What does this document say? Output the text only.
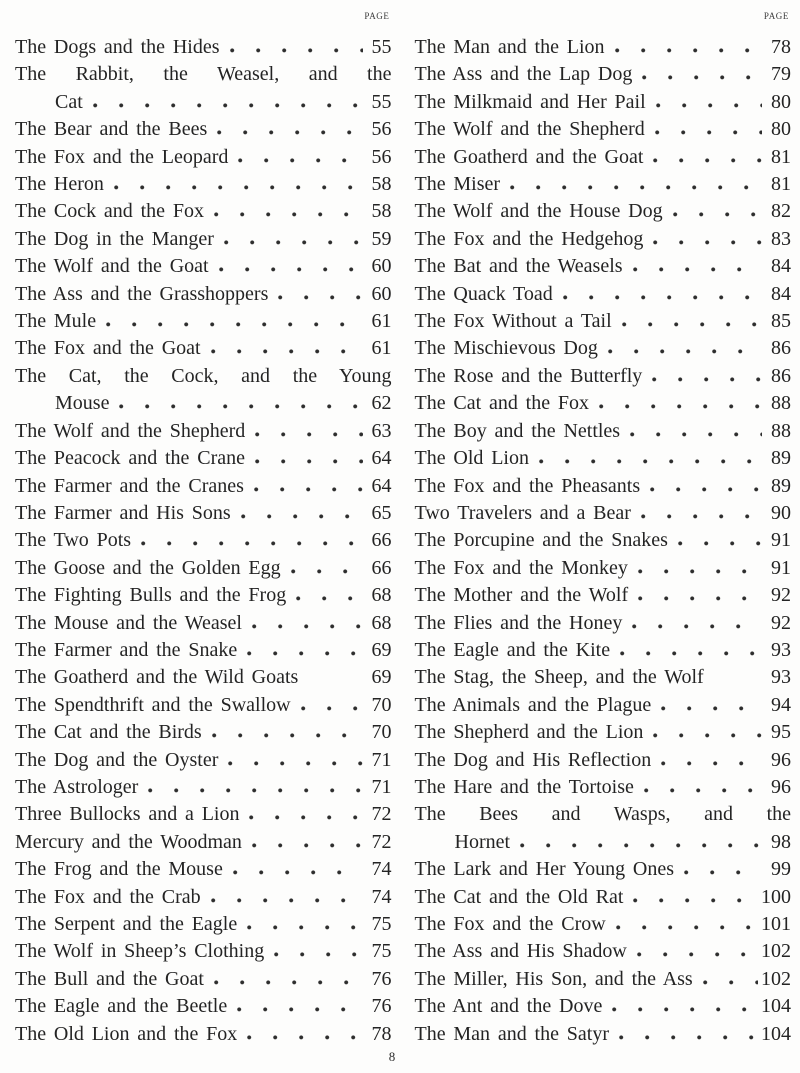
PAGE
The Dogs and the Hides	55
The Rabbit, the Weasel, and the
Cat	55
The Bear and the Bees	56
The Fox and the Leopard	56
The Heron	58
The Cock and the Fox	58
The Dog in the Manger	59
The Wolf and the Goat	60
The Ass and the Grasshoppers	60
The Mule	61
The Fox and the Goat	61
The Cat, the Cock, and the Young
Mouse	62
The Wolf and the Shepherd	63
The Peacock and the Crane	64
The Farmer and the Cranes	64
The Farmer and His Sons	65
The Two Pots	66
The Goose and the Golden Egg	66
The Fighting Bulls and the Frog	68
The Mouse and the Weasel	68
The Farmer and the Snake	69
The Goatherd and the Wild Goats	69
The Spendthrift and the Swallow	70
The Cat and the Birds	70
The Dog and the Oyster	71
The Astrologer	71
Three Bullocks and a Lion	72
Mercury and the Woodman	72
The Frog and the Mouse	74
The Fox and the Crab	74
The Serpent and the Eagle	75
The Wolf in Sheep’s Clothing	75
The Bull and the Goat	76
The Eagle and the Beetle	76
The Old Lion and the Fox	78
PAGE
The Man and the Lion	78
The Ass and the Lap Dog	79
The Milkmaid and Her Pail	80
The Wolf and the Shepherd	80
The Goatherd and the Goat	81
The Miser	81
The Wolf and the House Dog	82
The Fox and the Hedgehog	83
The Bat and the Weasels	84
The Quack Toad	84
The Fox Without a Tail	85
The Mischievous Dog	86
The Rose and the Butterfly	86
The Cat and the Fox	88
The Boy and the Nettles	88
The Old Lion	89
The Fox and the Pheasants	89
Two Travelers and a Bear	90
The Porcupine and the Snakes	91
The Fox and the Monkey	91
The Mother and the Wolf	92
The Flies and the Honey	92
The Eagle and the Kite	93
The Stag, the Sheep, and the Wolf	93
The Animals and the Plague	94
The Shepherd and the Lion	95
The Dog and His Reflection	96
The Hare and the Tortoise	96
The Bees and Wasps, and the
Hornet	98
The Lark and Her Young Ones	99
The Cat and the Old Rat	100
The Fox and the Crow	101
The Ass and His Shadow	102
The Miller, His Son, and the Ass	102
The Ant and the Dove	104
The Man and the Satyr	104
8
